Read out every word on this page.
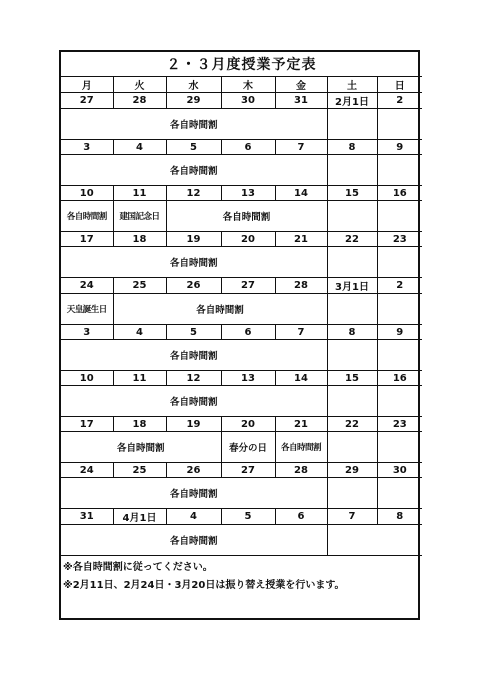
２・３月度授業予定表						
月	火	水	木	金	土	日
27	28	29	30	31	2月1日	2
各自時間割						
3	4	5	6	7	8	9
各自時間割						
10	11	12	13	14	15	16
各自時間割	建国記念日	各自時間割				
17	18	19	20	21	22	23
各自時間割						
24	25	26	27	28	3月1日	2
天皇誕生日	各自時間割					
3	4	5	6	7	8	9
各自時間割						
10	11	12	13	14	15	16
各自時間割						
17	18	19	20	21	22	23
各自時間割			春分の日	各自時間割		
24	25	26	27	28	29	30
各自時間割						
31	4月1日	4	5	6	7	8
各自時間割						
※各自時間割に従ってください。						
※2月11日、2月24日・3月20日は振り替え授業を行います。						
